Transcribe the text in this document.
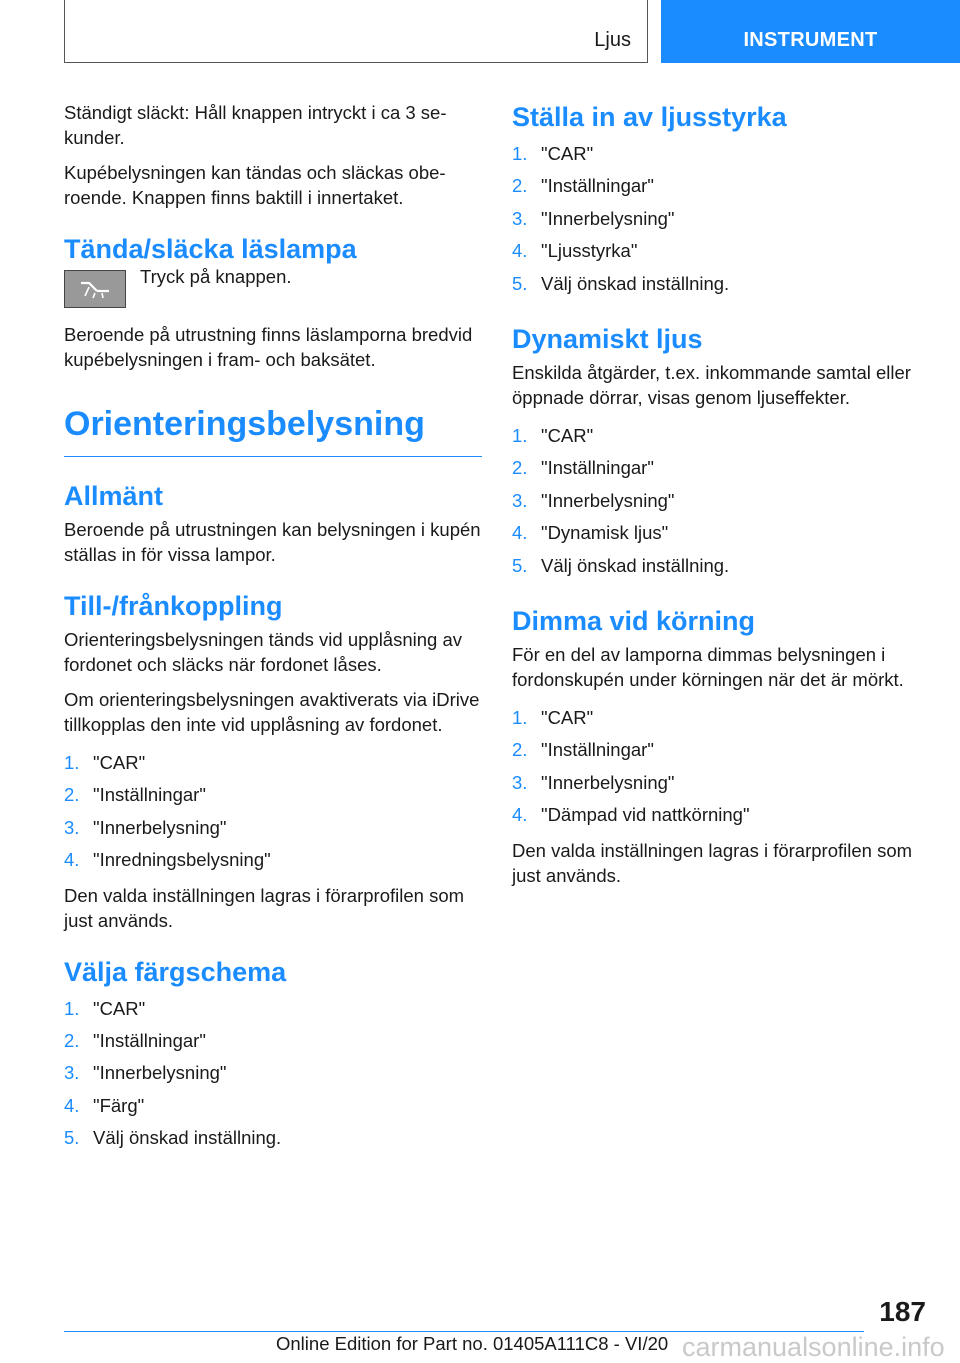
Ljus	INSTRUMENT

Ständigt släckt: Håll knappen intryckt i ca 3 sekunder.

Kupébelysningen kan tändas och släckas oberoende. Knappen finns baktill i innertaket.

Tända/släcka läslampa
Tryck på knappen.

Beroende på utrustning finns läslamporna bredvid kupébelysningen i fram- och baksätet.

Orienteringsbelysning
Allmänt

Beroende på utrustningen kan belysningen i kupén ställas in för vissa lampor.

Till-/frånkoppling

Orienteringsbelysningen tänds vid upplåsning av fordonet och släcks när fordonet låses.

Om orienteringsbelysningen avaktiverats via iDrive tillkopplas den inte vid upplåsning av fordonet.

1. "CAR"
2. "Inställningar"
3. "Innerbelysning"
4. "Inredningsbelysning"

Den valda inställningen lagras i förarprofilen som just används.

Välja färgschema
1. "CAR"
2. "Inställningar"
3. "Innerbelysning"
4. "Färg"
5. Välj önskad inställning.
Ställa in av ljusstyrka
1. "CAR"
2. "Inställningar"
3. "Innerbelysning"
4. "Ljusstyrka"
5. Välj önskad inställning.
Dynamiskt ljus

Enskilda åtgärder, t.ex. inkommande samtal eller öppnade dörrar, visas genom ljuseffekter.

1. "CAR"
2. "Inställningar"
3. "Innerbelysning"
4. "Dynamisk ljus"
5. Välj önskad inställning.
Dimma vid körning

För en del av lamporna dimmas belysningen i fordonskupén under körningen när det är mörkt.

1. "CAR"
2. "Inställningar"
3. "Innerbelysning"
4. "Dämpad vid nattkörning"

Den valda inställningen lagras i förarprofilen som just används.

187
Online Edition for Part no. 01405A111C8 - VI/20 carmanualsonline.info
